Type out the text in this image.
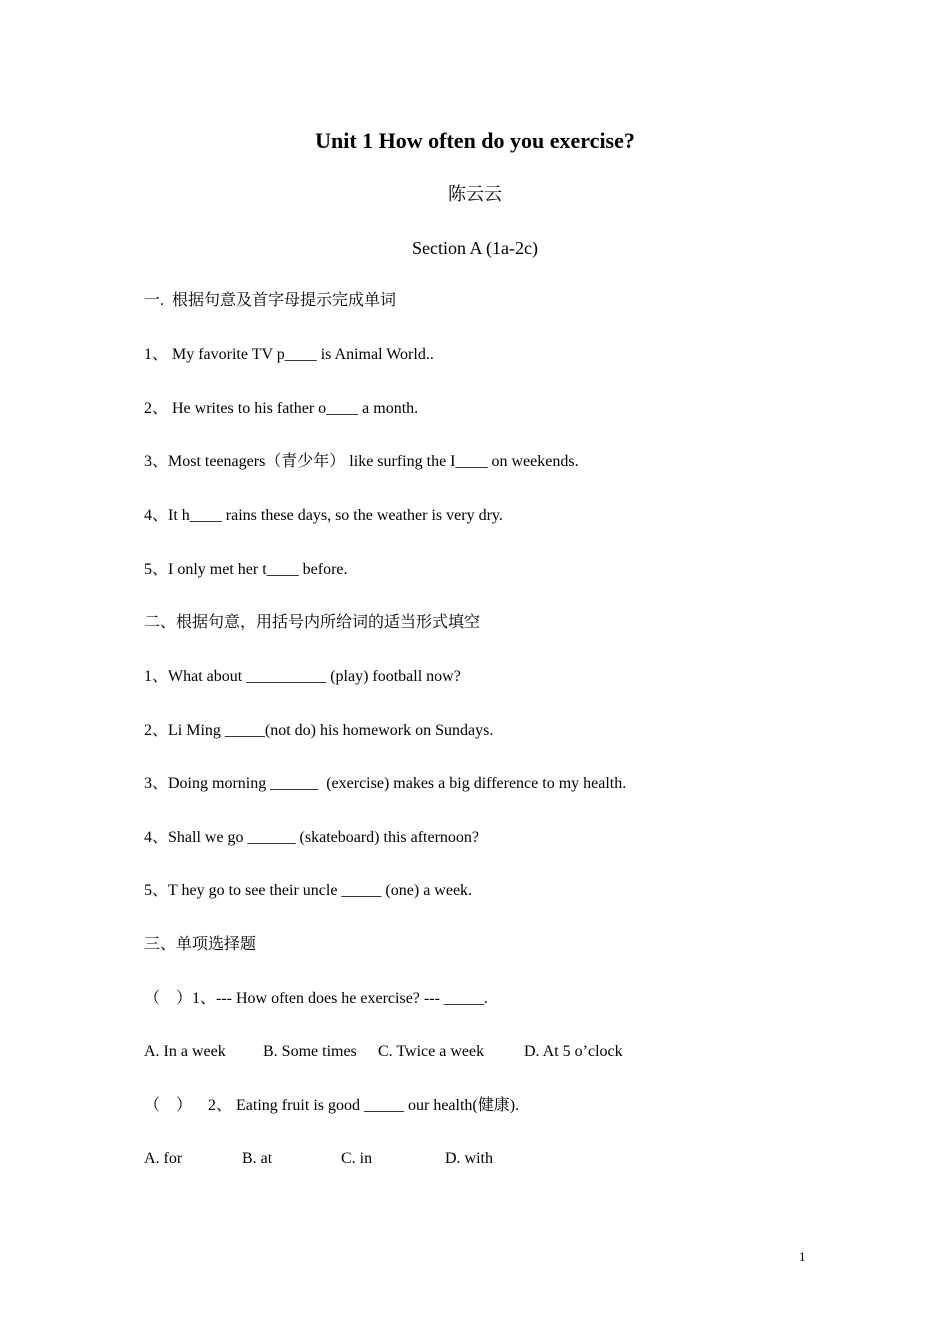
Unit 1 How often do you exercise?
陈云云
Section A (1a-2c)
一.  根据句意及首字母提示完成单词
1、 My favorite TV p____ is Animal World..
2、 He writes to his father o____ a month.
3、Most teenagers（青少年） like surfing the I____ on weekends.
4、It h____ rains these days, so the weather is very dry.
5、I only met her t____ before.
二、根据句意，用括号内所给词的适当形式填空
1、What about __________ (play) football now?
2、Li Ming _____(not do) his homework on Sundays.
3、Doing morning ______  (exercise) makes a big difference to my health.
4、Shall we go ______ (skateboard) this afternoon?
5、T hey go to see their uncle _____ (one) a week.
三、单项选择题
（    ）1、--- How often does he exercise? --- _____.
A. In a week B. Some times C. Twice a week D. At 5 o’clock
（    ）    2、 Eating fruit is good _____ our health(健康).
A. for	B. at	C. in	D. with
1
